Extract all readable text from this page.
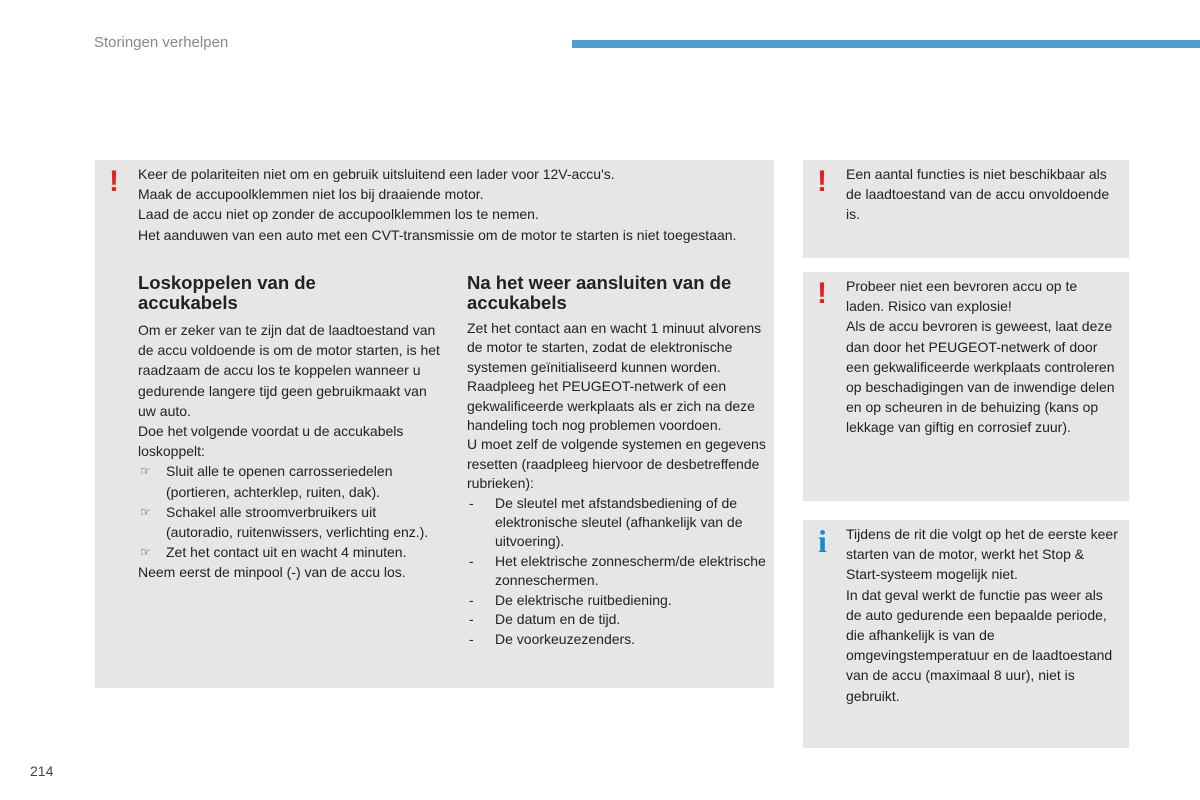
Storingen verhelpen
! Keer de polariteiten niet om en gebruik uitsluitend een lader voor 12V-accu's.

Maak de accupoolklemmen niet los bij draaiende motor.

Laad de accu niet op zonder de accupoolklemmen los te nemen.

Het aanduwen van een auto met een CVT-transmissie om de motor te starten is niet toegestaan.

Loskoppelen van de accukabels

Om er zeker van te zijn dat de laadtoestand van de accu voldoende is om de motor starten, is het raadzaam de accu los te koppelen wanneer u gedurende langere tijd geen gebruikmaakt van uw auto.

Doe het volgende voordat u de accukabels loskoppelt:

☞	Sluit alle te openen carrosseriedelen (portieren, achterklep, ruiten, dak).
☞	Schakel alle stroomverbruikers uit (autoradio, ruitenwissers, verlichting enz.).
☞	Zet het contact uit en wacht 4 minuten.

Neem eerst de minpool (-) van de accu los.

Na het weer aansluiten van de accukabels

Zet het contact aan en wacht 1 minuut alvorens de motor te starten, zodat de elektronische systemen geïnitialiseerd kunnen worden.

Raadpleeg het PEUGEOT-netwerk of een gekwalificeerde werkplaats als er zich na deze handeling toch nog problemen voordoen.

U moet zelf de volgende systemen en gegevens resetten (raadpleeg hiervoor de desbetreffende rubrieken):

-	De sleutel met afstandsbediening of de elektronische sleutel (afhankelijk van de uitvoering).
-	Het elektrische zonnescherm/de elektrische zonneschermen.
-	De elektrische ruitbediening.
-	De datum en de tijd.
-	De voorkeuzezenders.
! Een aantal functies is niet beschikbaar als de laadtoestand van de accu onvoldoende is.
! Probeer niet een bevroren accu op te laden. Risico van explosie!

Als de accu bevroren is geweest, laat deze dan door het PEUGEOT-netwerk of door een gekwalificeerde werkplaats controleren op beschadigingen van de inwendige delen en op scheuren in de behuizing (kans op lekkage van giftig en corrosief zuur).

i Tijdens de rit die volgt op het de eerste keer starten van de motor, werkt het Stop & Start-systeem mogelijk niet.

In dat geval werkt de functie pas weer als de auto gedurende een bepaalde periode, die afhankelijk is van de omgevingstemperatuur en de laadtoestand van de accu (maximaal 8 uur), niet is gebruikt.

214
